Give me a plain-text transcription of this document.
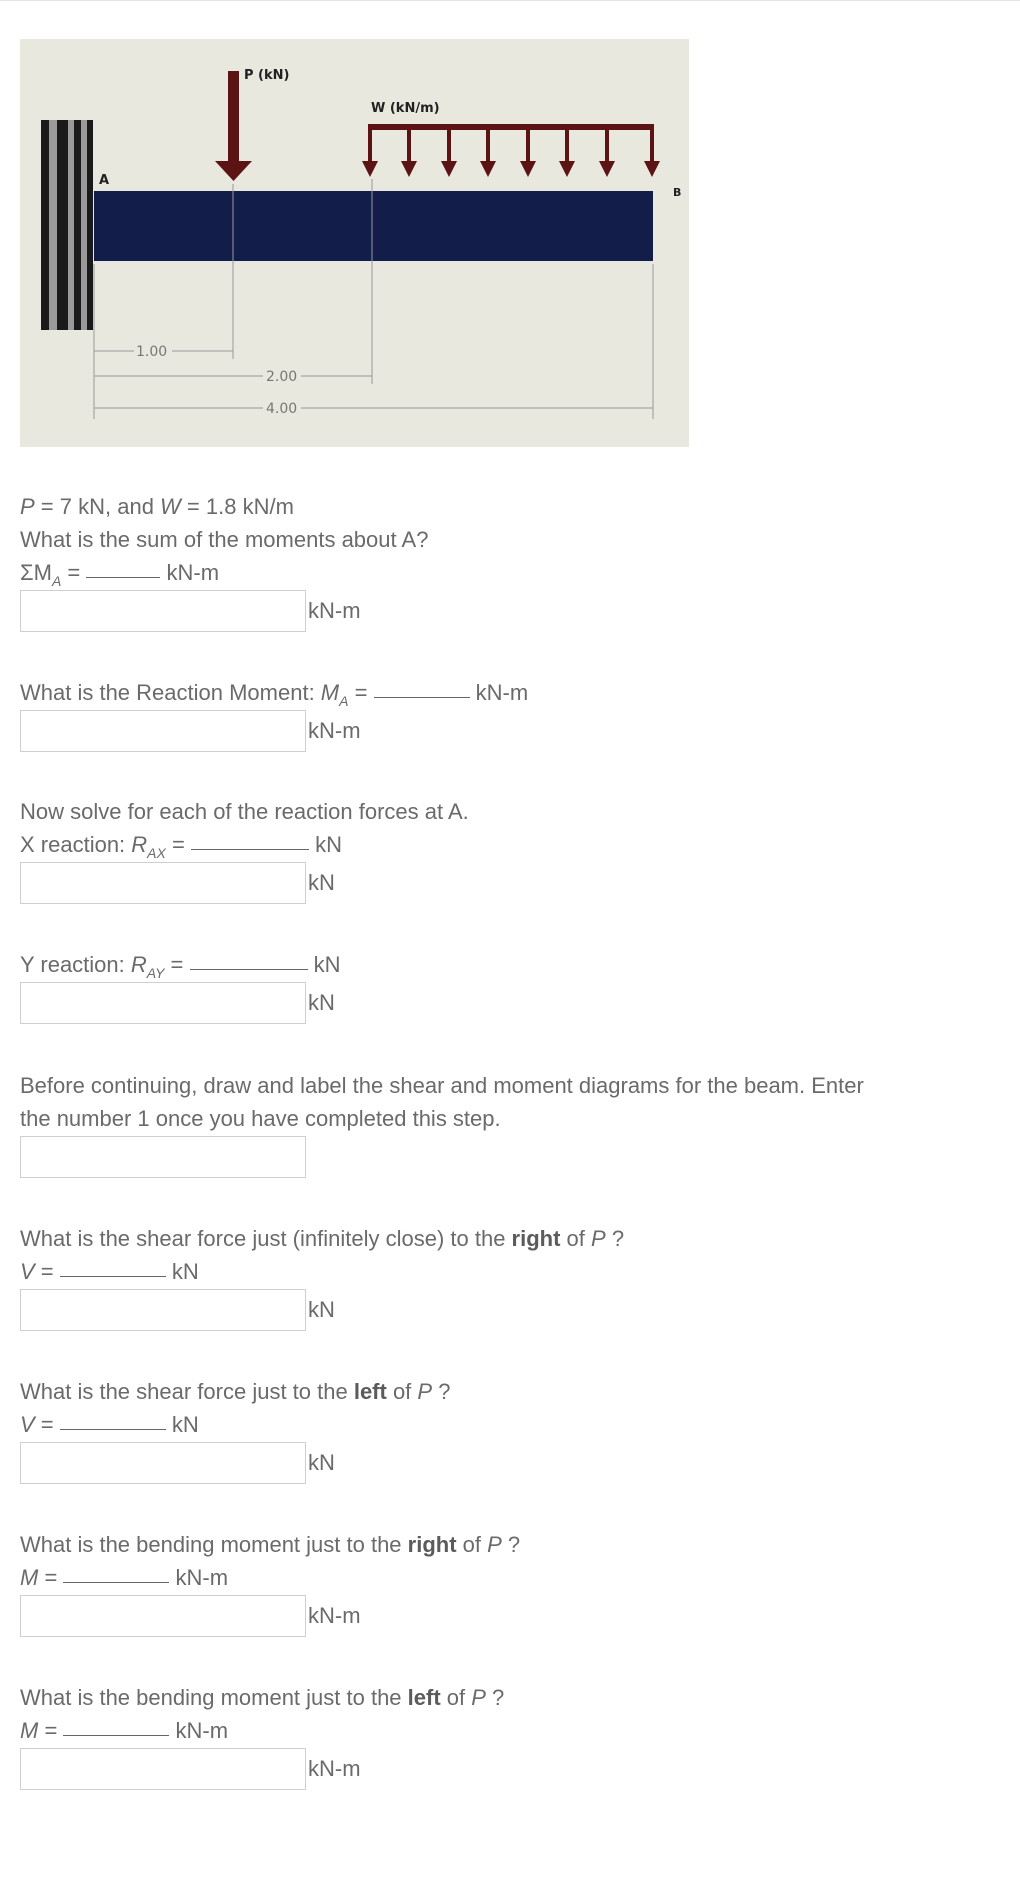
P (kN)
W (kN/m)
A
B
1.00
2.00
4.00
P = 7 kN, and W = 1.8 kN/m
What is the sum of the moments about A?
$\Sigma M_A$ =	kN-m
kN-m
What is the Reaction Moment: $M_A$ =	kN-m
kN-m
Now solve for each of the reaction forces at A.
X reaction: $R_{AX}$ =	kN
kN
Y reaction: $R_{AY}$ =	kN
kN
Before continuing, draw and label the shear and moment diagrams for the beam. Enter
the number 1 once you have completed this step.
What is the shear force just (infinitely close) to the right of P ?
V =	kN
kN
What is the shear force just to the left of P ?
V =	kN
kN
What is the bending moment just to the right of P ?
M =	kN-m
kN-m
What is the bending moment just to the left of P ?
M =	kN-m
kN-m
